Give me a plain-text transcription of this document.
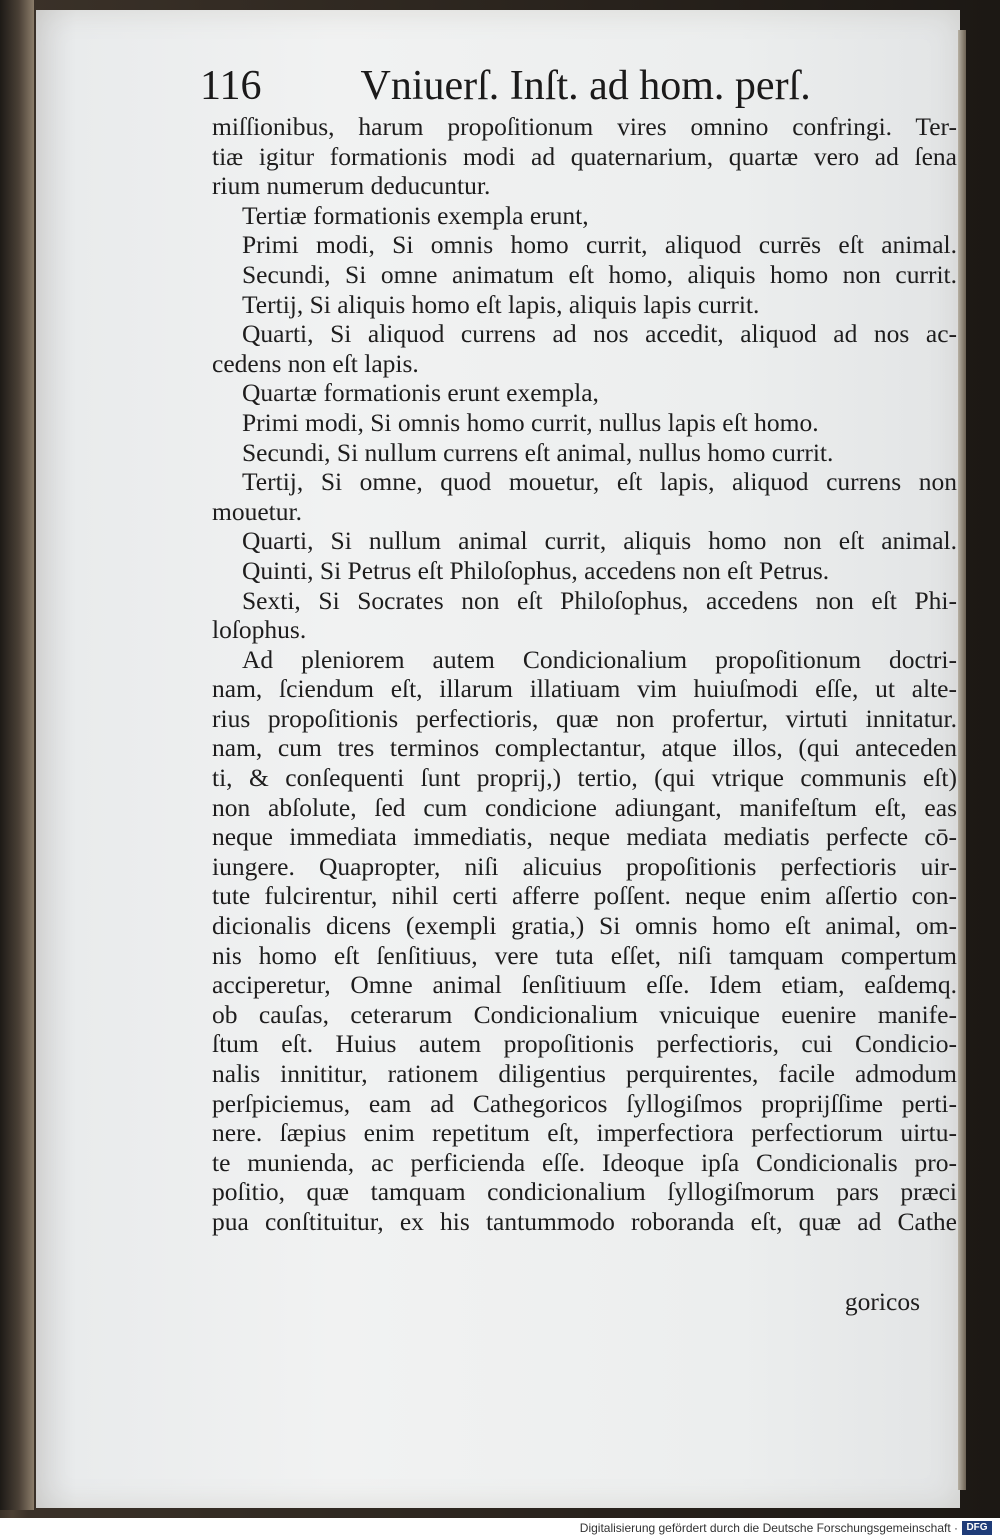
116 Vniuerſ. Inſt. ad hom. perſ.
miſſionibus, harum propoſitionum vires omnino confringi. Ter-
tiæ igitur formationis modi ad quaternarium, quartæ vero ad ſena
rium numerum deducuntur.
Tertiæ formationis exempla erunt,
Primi modi, Si omnis homo currit, aliquod currēs eſt animal.
Secundi, Si omne animatum eſt homo, aliquis homo non currit.
Tertij, Si aliquis homo eſt lapis, aliquis lapis currit.
Quarti, Si aliquod currens ad nos accedit, aliquod ad nos ac-
cedens non eſt lapis.
Quartæ formationis erunt exempla,
Primi modi, Si omnis homo currit, nullus lapis eſt homo.
Secundi, Si nullum currens eſt animal, nullus homo currit.
Tertij, Si omne, quod mouetur, eſt lapis, aliquod currens non
mouetur.
Quarti, Si nullum animal currit, aliquis homo non eſt animal.
Quinti, Si Petrus eſt Philoſophus, accedens non eſt Petrus.
Sexti, Si Socrates non eſt Philoſophus, accedens non eſt Phi-
loſophus.
Ad pleniorem autem Condicionalium propoſitionum doctri-
nam, ſciendum eſt, illarum illatiuam vim huiuſmodi eſſe, ut alte-
rius propoſitionis perfectioris, quæ non profertur, virtuti innitatur.
nam, cum tres terminos complectantur, atque illos, (qui anteceden
ti, & conſequenti ſunt proprij,) tertio, (qui vtrique communis eſt)
non abſolute, ſed cum condicione adiungant, manifeſtum eſt, eas
neque immediata immediatis, neque mediata mediatis perfecte cō-
iungere. Quapropter, niſi alicuius propoſitionis perfectioris uir-
tute fulcirentur, nihil certi afferre poſſent. neque enim aſſertio con-
dicionalis dicens (exempli gratia,) Si omnis homo eſt animal, om-
nis homo eſt ſenſitiuus, vere tuta eſſet, niſi tamquam compertum
acciperetur, Omne animal ſenſitiuum eſſe. Idem etiam, eaſdemq.
ob cauſas, ceterarum Condicionalium vnicuique euenire manife-
ſtum eſt. Huius autem propoſitionis perfectioris, cui Condicio-
nalis innititur, rationem diligentius perquirentes, facile admodum
perſpiciemus, eam ad Cathegoricos ſyllogiſmos proprijſſime perti-
nere. ſæpius enim repetitum eſt, imperfectiora perfectiorum uirtu-
te munienda, ac perficienda eſſe. Ideoque ipſa Condicionalis pro-
poſitio, quæ tamquam condicionalium ſyllogiſmorum pars præci
pua conſtituitur, ex his tantummodo roboranda eſt, quæ ad Cathe
goricos
Digitalisierung gefördert durch die Deutsche Forschungsgemeinschaft · DFG
